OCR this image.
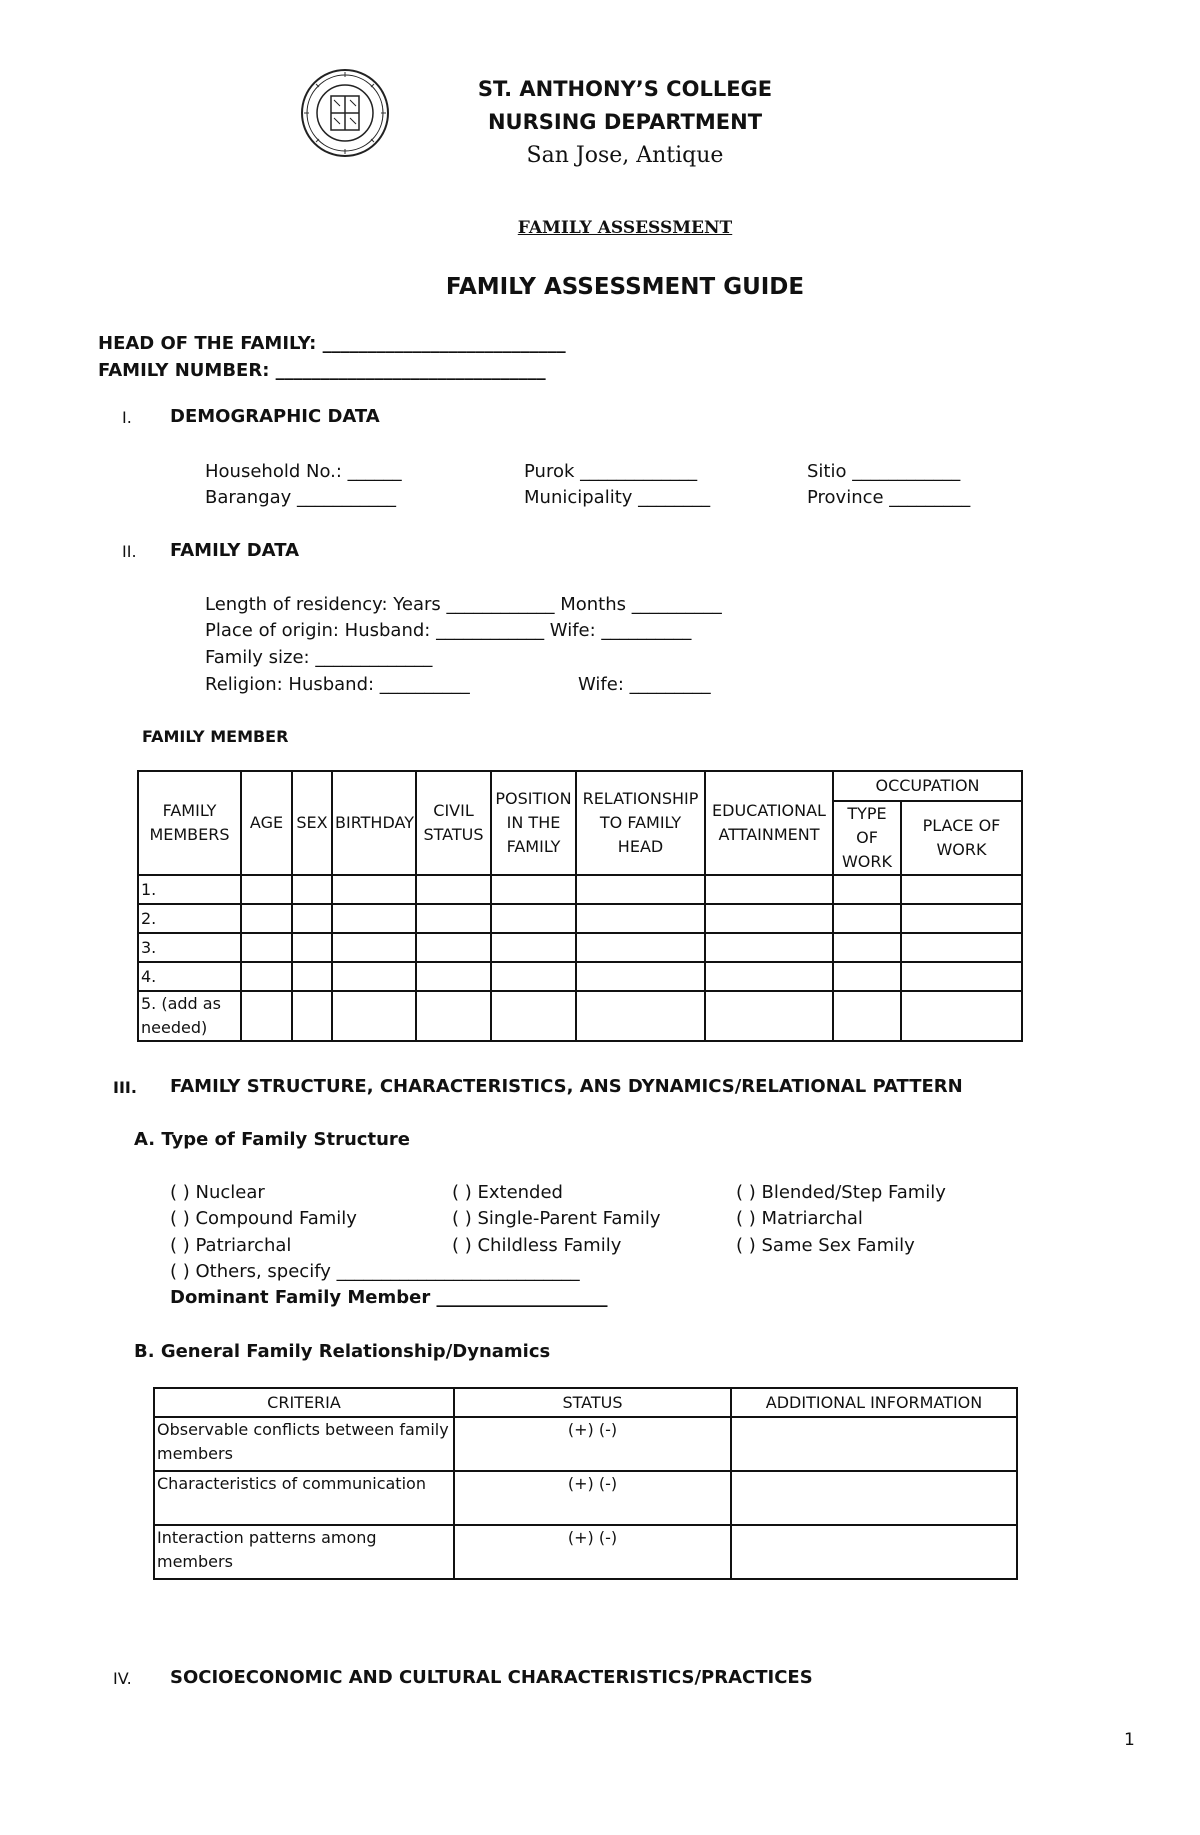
ST. ANTHONY’S COLLEGE
NURSING DEPARTMENT
San Jose, Antique
FAMILY ASSESSMENT
FAMILY ASSESSMENT GUIDE
HEAD OF THE FAMILY: ___________________________
FAMILY NUMBER: ______________________________
I. DEMOGRAPHIC DATA
Household No.: ______	Purok _____________	Sitio ____________
Barangay ___________	Municipality ________	Province _________
II. FAMILY DATA
Length of residency: Years ____________ Months __________
Place of origin: Husband: ____________ Wife: __________
Family size: _____________
Religion: Husband: __________	Wife: _________
FAMILY MEMBER
FAMILY MEMBERS	AGE	SEX	BIRTHDAY	CIVIL STATUS	POSITION IN THE FAMILY	RELATIONSHIP TO FAMILY HEAD	EDUCATIONAL ATTAINMENT	OCCUPATION	
								TYPE OF WORK	PLACE OF WORK
1.									
2.									
3.									
4.									
5. (add as needed)									
III. FAMILY STRUCTURE, CHARACTERISTICS, ANS DYNAMICS/RELATIONAL PATTERN
A. Type of Family Structure
( ) Nuclear	( ) Extended	( ) Blended/Step Family
( ) Compound Family	( ) Single-Parent Family	( ) Matriarchal
( ) Patriarchal	( ) Childless Family	( ) Same Sex Family
( ) Others, specify ___________________________
Dominant Family Member ___________________
B. General Family Relationship/Dynamics
CRITERIA	STATUS	ADDITIONAL INFORMATION
Observable conflicts between family members	(+) (-)	
Characteristics of communication	(+) (-)	
Interaction patterns among members	(+) (-)	
IV. SOCIOECONOMIC AND CULTURAL CHARACTERISTICS/PRACTICES
1
